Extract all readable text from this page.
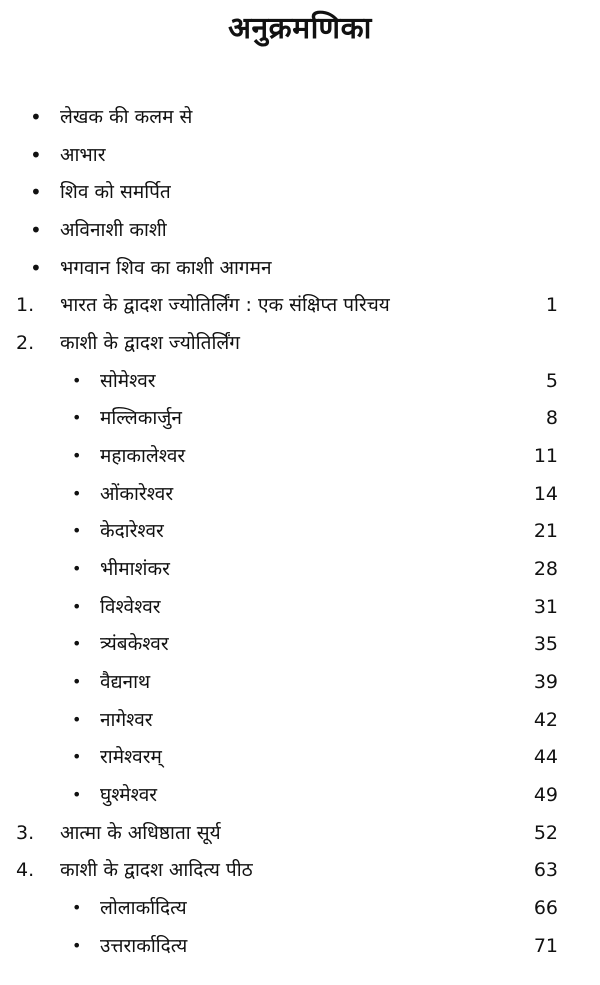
अनुक्रमणिका
• लेखक की कलम से
• आभार
• शिव को समर्पित
• अविनाशी काशी
• भगवान शिव का काशी आगमन
1. भारत के द्वादश ज्योतिर्लिंग : एक संक्षिप्त परिचय	1
2. काशी के द्वादश ज्योतिर्लिंग
• सोमेश्वर	5
• मल्लिकार्जुन	8
• महाकालेश्वर	11
• ओंकारेश्वर	14
• केदारेश्वर	21
• भीमाशंकर	28
• विश्वेश्वर	31
• त्र्यंबकेश्वर	35
• वैद्यनाथ	39
• नागेश्वर	42
• रामेश्वरम्	44
• घुश्मेश्वर	49
3. आत्मा के अधिष्ठाता सूर्य	52
4. काशी के द्वादश आदित्य पीठ	63
• लोलार्कादित्य	66
• उत्तरार्कादित्य	71
